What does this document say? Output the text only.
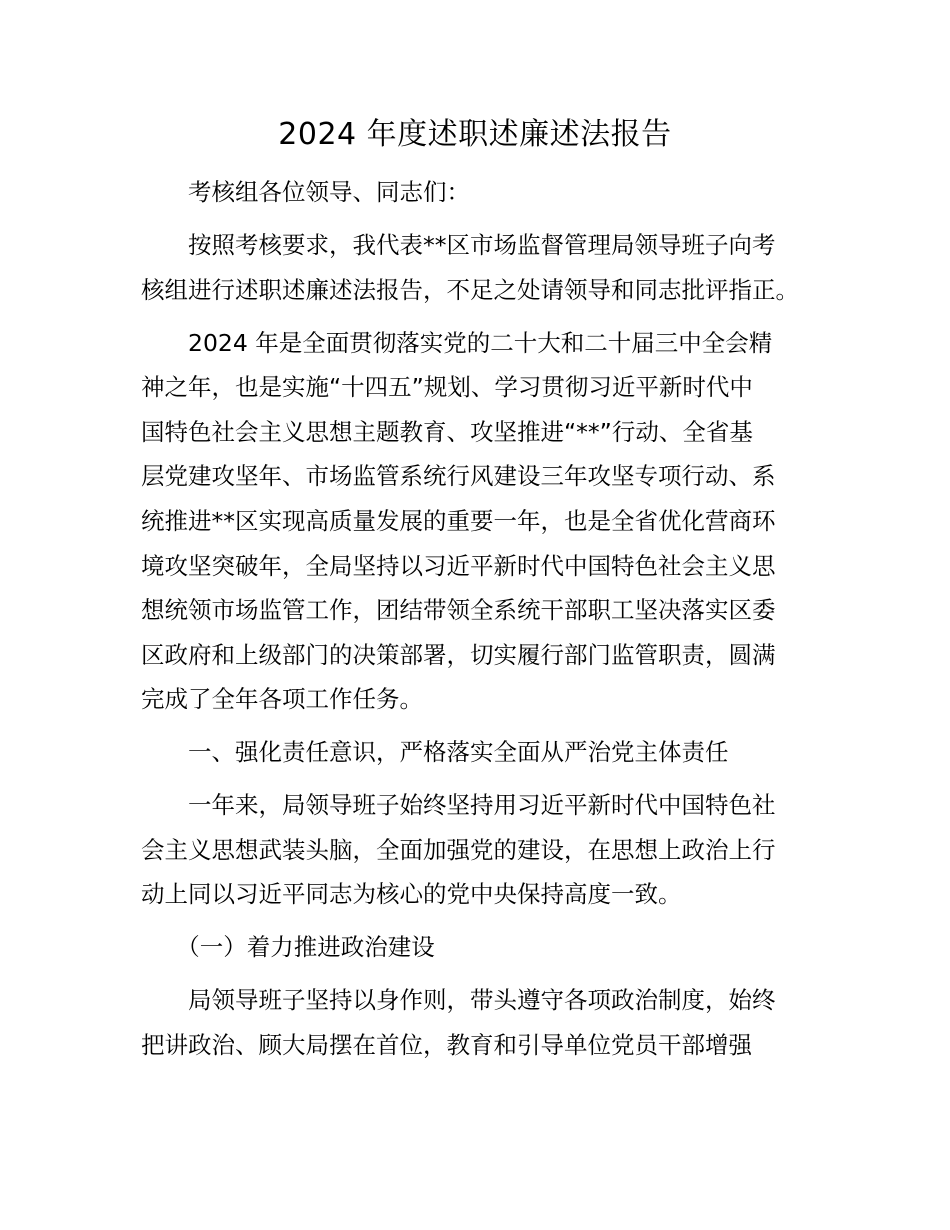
2024 年度述职述廉述法报告

考核组各位领导、同志们：

按照考核要求，我代表**区市场监督管理局领导班子向考
核组进行述职述廉述法报告，不足之处请领导和同志批评指正。

2024 年是全面贯彻落实党的二十大和二十届三中全会精
神之年，也是实施“十四五”规划、学习贯彻习近平新时代中
国特色社会主义思想主题教育、攻坚推进“**”行动、全省基
层党建攻坚年、市场监管系统行风建设三年攻坚专项行动、系
统推进**区实现高质量发展的重要一年，也是全省优化营商环
境攻坚突破年，全局坚持以习近平新时代中国特色社会主义思
想统领市场监管工作，团结带领全系统干部职工坚决落实区委
区政府和上级部门的决策部署，切实履行部门监管职责，圆满
完成了全年各项工作任务。

一、强化责任意识，严格落实全面从严治党主体责任

一年来，局领导班子始终坚持用习近平新时代中国特色社
会主义思想武装头脑，全面加强党的建设，在思想上政治上行
动上同以习近平同志为核心的党中央保持高度一致。

（一）着力推进政治建设

局领导班子坚持以身作则，带头遵守各项政治制度，始终
把讲政治、顾大局摆在首位，教育和引导单位党员干部增强
